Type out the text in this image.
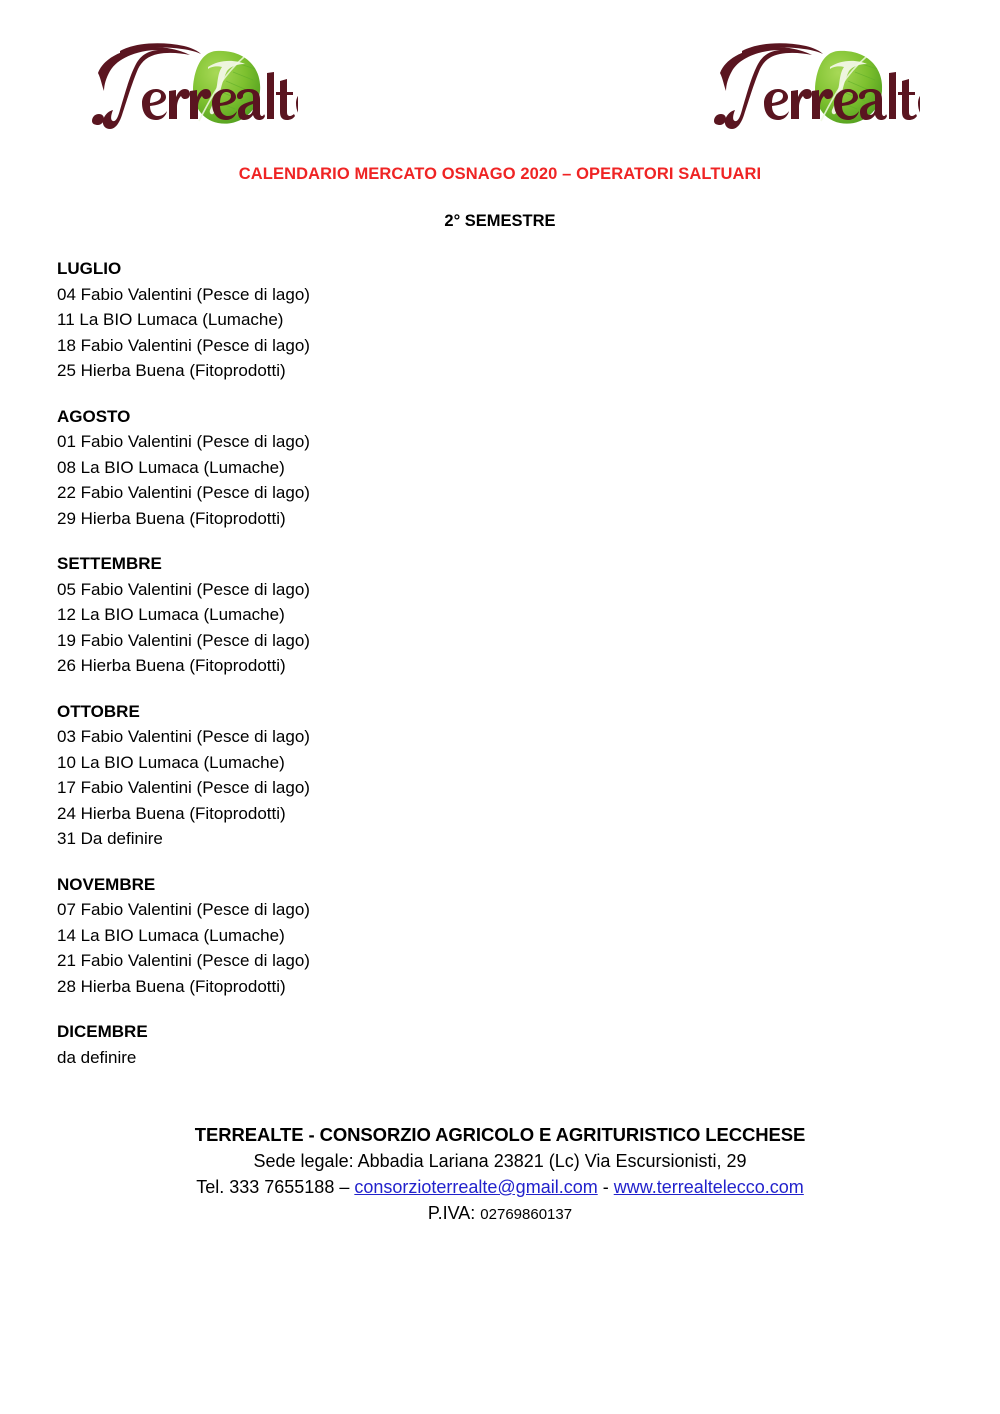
CALENDARIO MERCATO OSNAGO 2020 – OPERATORI SALTUARI
2° SEMESTRE
LUGLIO
04 Fabio Valentini (Pesce di lago)
11 La BIO Lumaca (Lumache)
18 Fabio Valentini (Pesce di lago)
25 Hierba Buena (Fitoprodotti)
AGOSTO
01 Fabio Valentini (Pesce di lago)
08 La BIO Lumaca (Lumache)
22 Fabio Valentini (Pesce di lago)
29 Hierba Buena (Fitoprodotti)
SETTEMBRE
05 Fabio Valentini (Pesce di lago)
12 La BIO Lumaca (Lumache)
19 Fabio Valentini (Pesce di lago)
26 Hierba Buena (Fitoprodotti)
OTTOBRE
03 Fabio Valentini (Pesce di lago)
10 La BIO Lumaca (Lumache)
17 Fabio Valentini (Pesce di lago)
24 Hierba Buena (Fitoprodotti)
31 Da definire
NOVEMBRE
07 Fabio Valentini (Pesce di lago)
14 La BIO Lumaca (Lumache)
21 Fabio Valentini (Pesce di lago)
28 Hierba Buena (Fitoprodotti)
DICEMBRE
da definire
TERREALTE - CONSORZIO AGRICOLO E AGRITURISTICO LECCHESE
Sede legale: Abbadia Lariana 23821 (Lc) Via Escursionisti, 29
Tel. 333 7655188 – consorzioterrealte@gmail.com - www.terrealtelecco.com
P.IVA: 02769860137
